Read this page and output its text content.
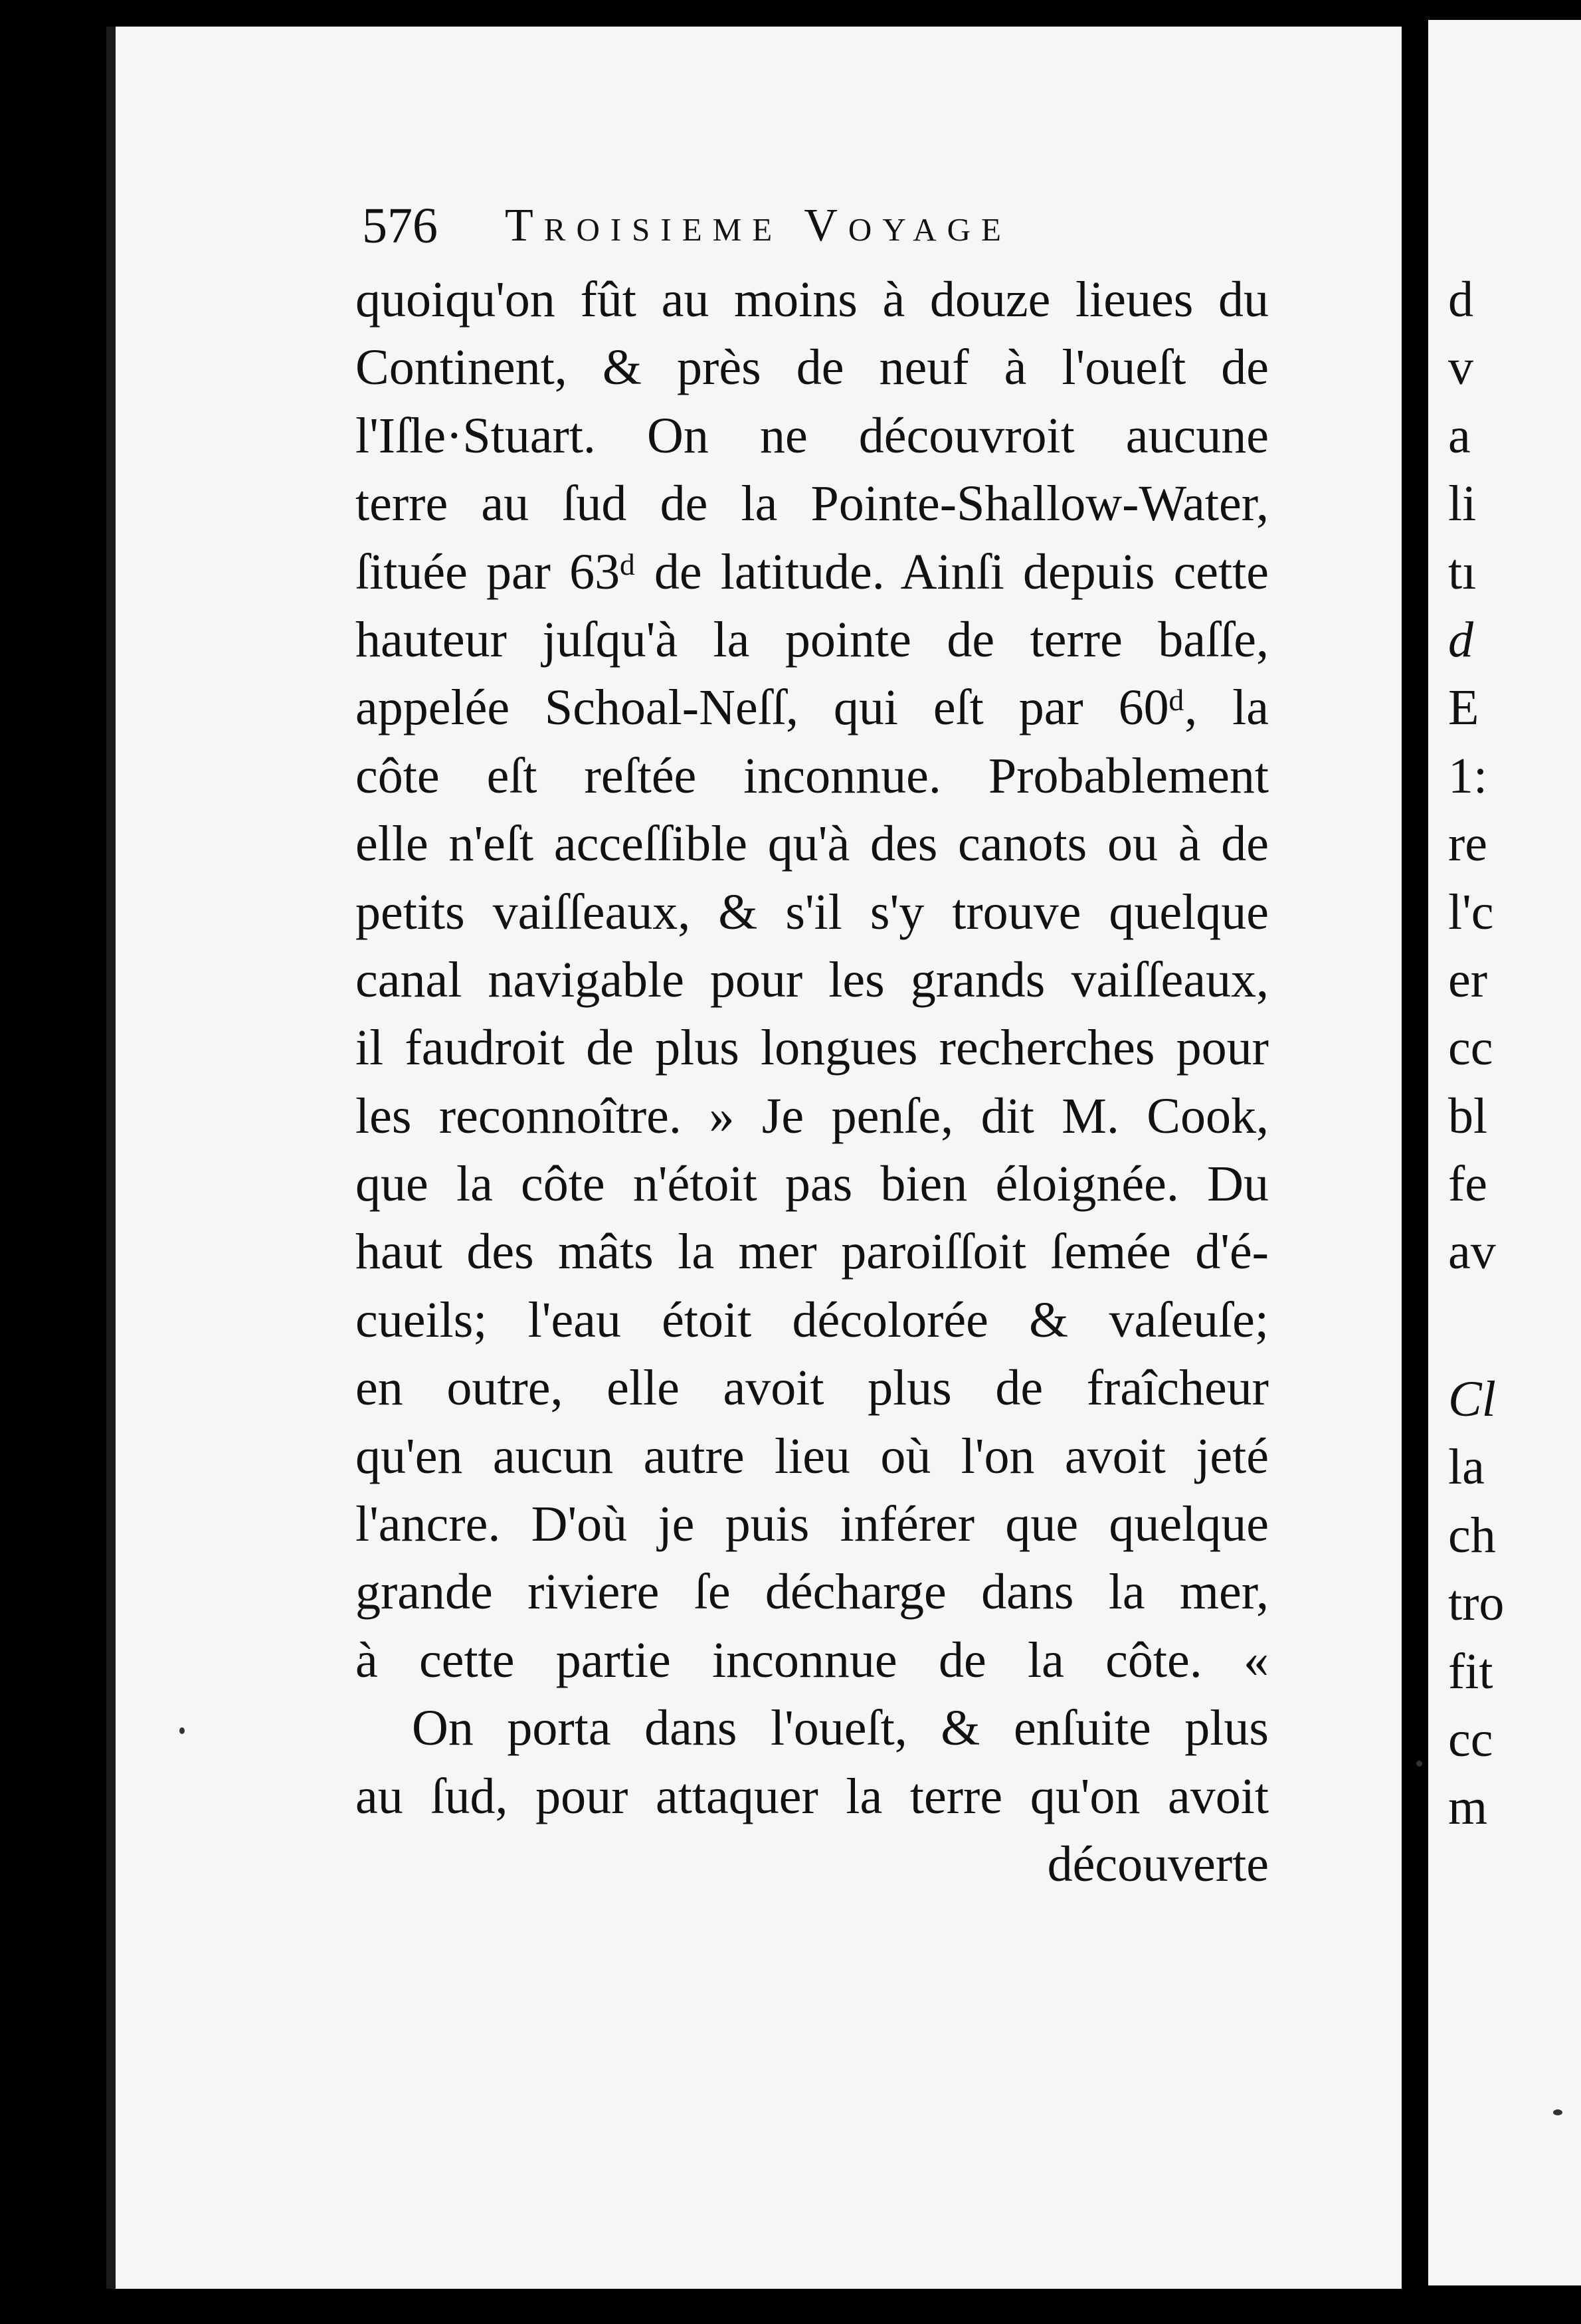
576 Troisieme Voyage
quoiqu'on fût au moins à douze lieues du
Continent, & près de neuf à l'oueſt de
l'Iſle·Stuart. On ne découvroit aucune
terre au ſud de la Pointe-Shallow-Water,
ſituée par 63ᵈ de latitude. Ainſi depuis cette
hauteur juſqu'à la pointe de terre baſſe,
appelée Schoal-Neſſ, qui eſt par 60ᵈ, la
côte eſt reſtée inconnue. Probablement
elle n'eſt acceſſible qu'à des canots ou à de
petits vaiſſeaux, & s'il s'y trouve quelque
canal navigable pour les grands vaiſſeaux,
il faudroit de plus longues recherches pour
les reconnoître. » Je penſe, dit M. Cook,
que la côte n'étoit pas bien éloignée. Du
haut des mâts la mer paroiſſoit ſemée d'é-
cueils; l'eau étoit décolorée & vaſeuſe;
en outre, elle avoit plus de fraîcheur
qu'en aucun autre lieu où l'on avoit jeté
l'ancre. D'où je puis inférer que quelque
grande riviere ſe décharge dans la mer,
à cette partie inconnue de la côte. «
On porta dans l'oueſt, & enſuite plus
au ſud, pour attaquer la terre qu'on avoit
découverte
d
v
a
li
tı
d
E
1:
re
l'c
er
cc
bl
fe
av
Cl
la
ch
tro
fit
cc
m
